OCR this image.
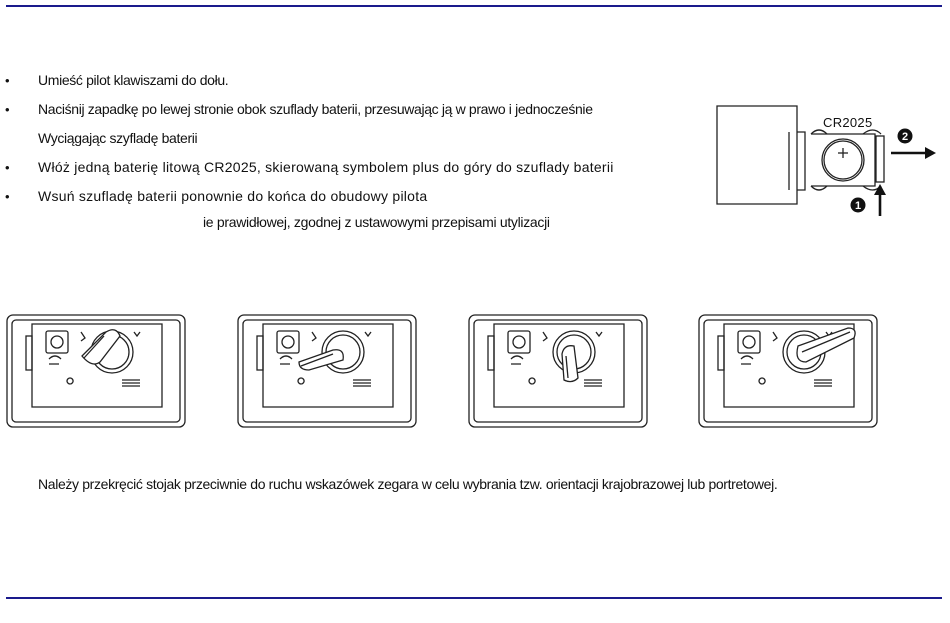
• Umieść pilot klawiszami do dołu.
• Naciśnij zapadkę po lewej stronie obok szuflady baterii, przesuwając ją w prawo i jednocześnie
Wyciągając szyfladę baterii
• Włóż jedną baterię litową CR2025, skierowaną symbolem plus do góry do szuflady baterii
• Wsuń szufladę baterii ponownie do końca do obudowy pilota
ie prawidłowej, zgodnej z ustawowymi przepisami utylizacji
2
1
CR2025
Należy przekręcić stojak przeciwnie do ruchu wskazówek zegara w celu wybrania tzw. orientacji krajobrazowej lub portretowej.
